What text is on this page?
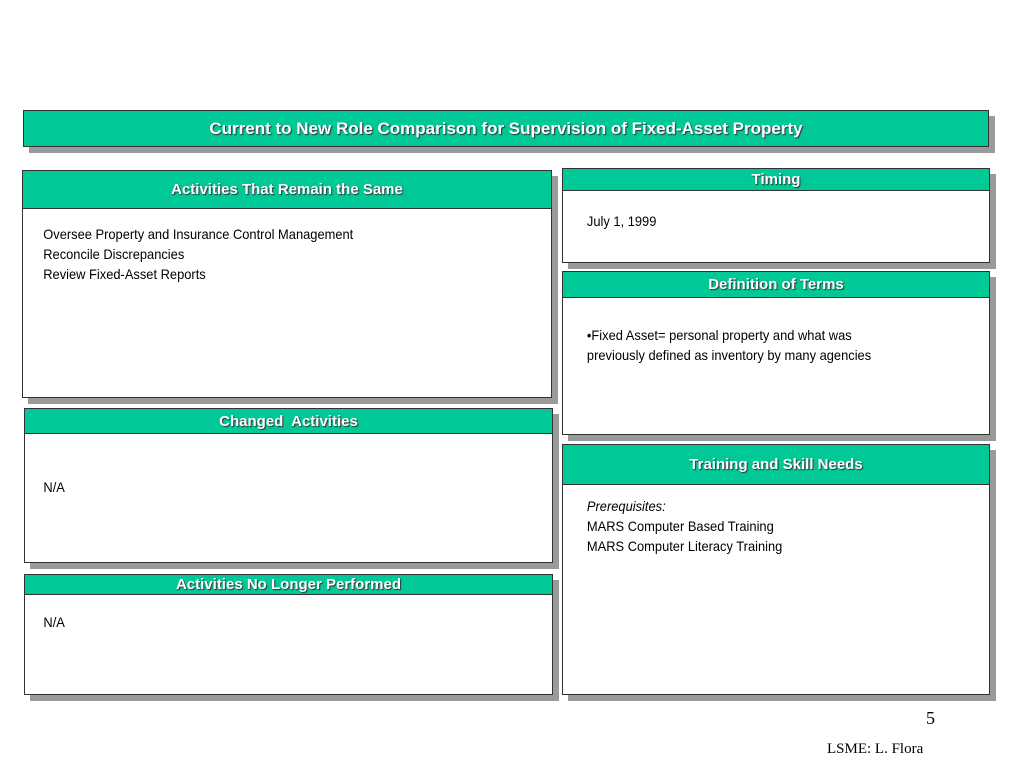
Current to New Role Comparison for Supervision of Fixed-Asset Property
Activities That Remain the Same
Oversee Property and Insurance Control Management
Reconcile Discrepancies
Review Fixed-Asset Reports
Changed  Activities
N/A
Activities No Longer Performed
N/A
Timing
July 1, 1999
Definition of Terms
•Fixed Asset= personal property and what was
previously defined as inventory by many agencies
Training and Skill Needs
Prerequisites:
MARS Computer Based Training
MARS Computer Literacy Training
5
LSME: L. Flora
